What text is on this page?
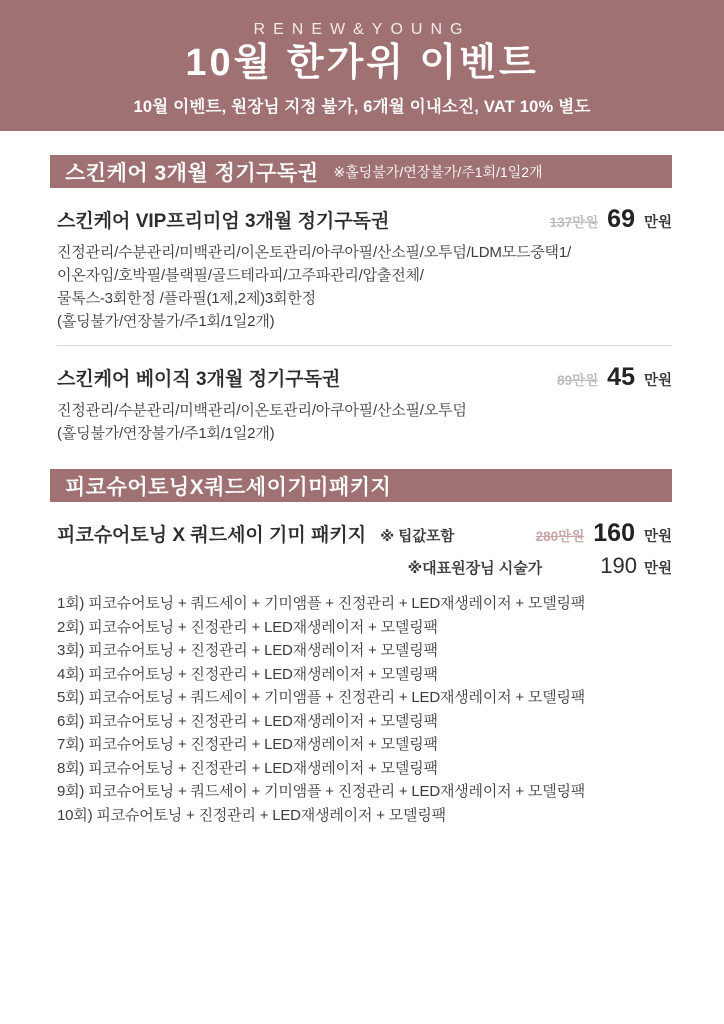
RENEW&YOUNG
10월 한가위 이벤트
10월 이벤트, 원장님 지정 불가, 6개월 이내소진, VAT 10% 별도
스킨케어 3개월 정기구독권 ※홀딩불가/연장불가/주1회/1일2개
스킨케어 VIP프리미엄 3개월 정기구독권	137만원 69 만원
진정관리/수분관리/미백관리/이온토관리/아쿠아필/산소필/오투덤/LDM모드중택1/
이온자임/호박필/블랙필/골드테라피/고주파관리/압출전체/
물톡스-3회한정 /플라필(1제,2제)3회한정
(홀딩불가/연장불가/주1회/1일2개)
스킨케어 베이직 3개월 정기구독권	89만원 45 만원
진정관리/수분관리/미백관리/이온토관리/아쿠아필/산소필/오투덤
(홀딩불가/연장불가/주1회/1일2개)
피코슈어토닝X쿼드세이기미패키지
피코슈어토닝 X 쿼드세이 기미 패키지 ※ 팁값포함	280만원 160 만원
※대표원장님 시술가	190 만원
1회) 피코슈어토닝 + 쿼드세이 + 기미앰플 + 진정관리 + LED재생레이저 + 모델링팩
2회) 피코슈어토닝 + 진정관리 + LED재생레이저 + 모델링팩
3회) 피코슈어토닝 + 진정관리 + LED재생레이저 + 모델링팩
4회) 피코슈어토닝 + 진정관리 + LED재생레이저 + 모델링팩
5회) 피코슈어토닝 + 쿼드세이 + 기미앰플 + 진정관리 + LED재생레이저 + 모델링팩
6회) 피코슈어토닝 + 진정관리 + LED재생레이저 + 모델링팩
7회) 피코슈어토닝 + 진정관리 + LED재생레이저 + 모델링팩
8회) 피코슈어토닝 + 진정관리 + LED재생레이저 + 모델링팩
9회) 피코슈어토닝 + 쿼드세이 + 기미앰플 + 진정관리 + LED재생레이저 + 모델링팩
10회) 피코슈어토닝 + 진정관리 + LED재생레이저 + 모델링팩
